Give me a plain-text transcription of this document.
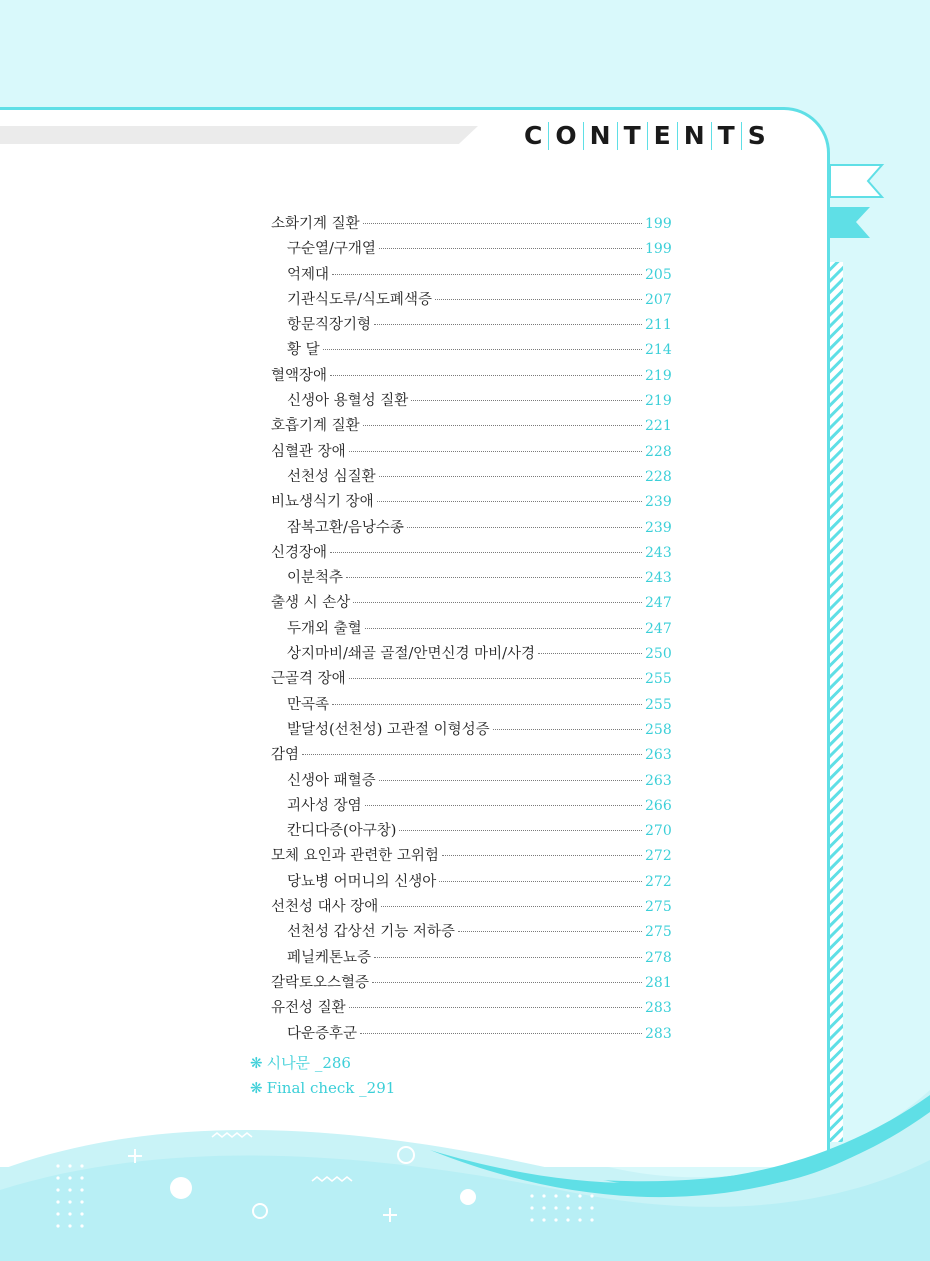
C O N T E N T S
소화기계 질환	199
구순열/구개열	199
억제대	205
기관식도루/식도폐색증	207
항문직장기형	211
황 달	214
혈액장애	219
신생아 용혈성 질환	219
호흡기계 질환	221
심혈관 장애	228
선천성 심질환	228
비뇨생식기 장애	239
잠복고환/음낭수종	239
신경장애	243
이분척추	243
출생 시 손상	247
두개외 출혈	247
상지마비/쇄골 골절/안면신경 마비/사경	250
근골격 장애	255
만곡족	255
발달성(선천성) 고관절 이형성증	258
감염	263
신생아 패혈증	263
괴사성 장염	266
칸디다증(아구창)	270
모체 요인과 관련한 고위험	272
당뇨병 어머니의 신생아	272
선천성 대사 장애	275
선천성 갑상선 기능 저하증	275
페닐케톤뇨증	278
갈락토오스혈증	281
유전성 질환	283
다운증후군	283
❋ 시나문 _286
❋ Final check _291
